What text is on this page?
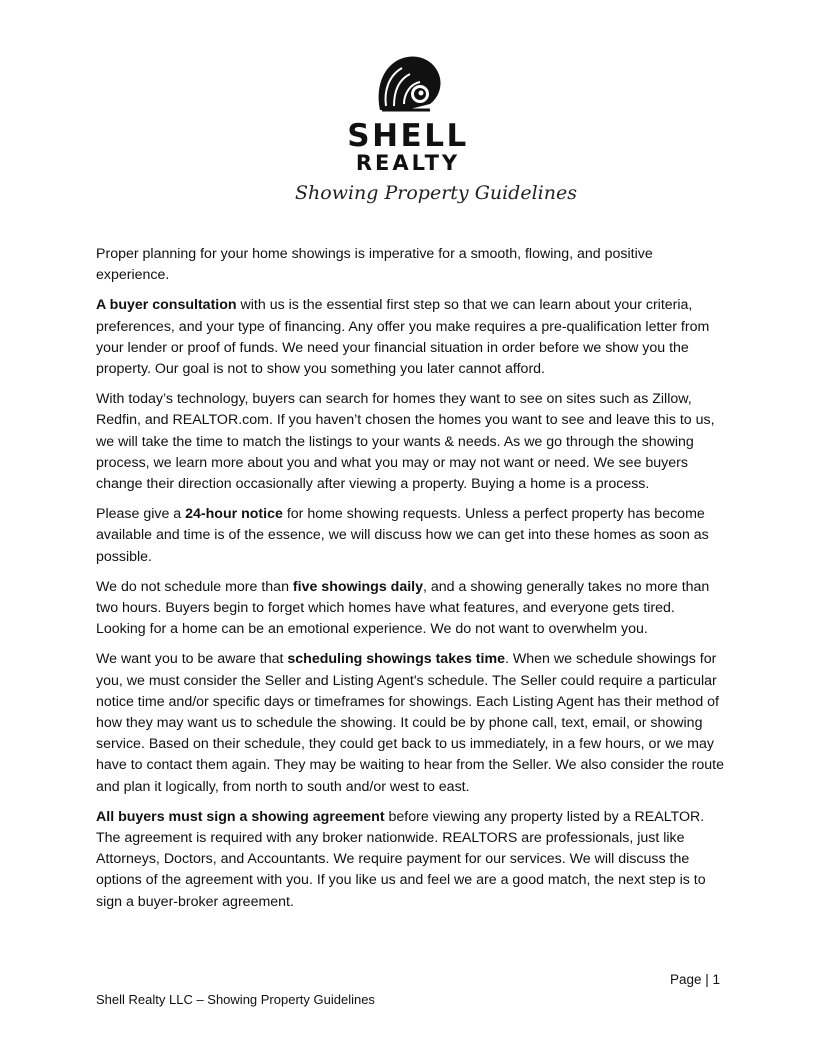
SHELL
REALTY
Showing Property Guidelines

Proper planning for your home showings is imperative for a smooth, flowing, and positive experience.

A buyer consultation with us is the essential first step so that we can learn about your criteria, preferences, and your type of financing. Any offer you make requires a pre-qualification letter from your lender or proof of funds. We need your financial situation in order before we show you the property. Our goal is not to show you something you later cannot afford.

With today’s technology, buyers can search for homes they want to see on sites such as Zillow, Redfin, and REALTOR.com. If you haven’t chosen the homes you want to see and leave this to us, we will take the time to match the listings to your wants & needs. As we go through the showing process, we learn more about you and what you may or may not want or need. We see buyers change their direction occasionally after viewing a property. Buying a home is a process.

Please give a 24-hour notice for home showing requests. Unless a perfect property has become available and time is of the essence, we will discuss how we can get into these homes as soon as possible.

We do not schedule more than five showings daily, and a showing generally takes no more than two hours. Buyers begin to forget which homes have what features, and everyone gets tired. Looking for a home can be an emotional experience. We do not want to overwhelm you.

We want you to be aware that scheduling showings takes time. When we schedule showings for you, we must consider the Seller and Listing Agent's schedule. The Seller could require a particular notice time and/or specific days or timeframes for showings. Each Listing Agent has their method of how they may want us to schedule the showing. It could be by phone call, text, email, or showing service. Based on their schedule, they could get back to us immediately, in a few hours, or we may have to contact them again. They may be waiting to hear from the Seller. We also consider the route and plan it logically, from north to south and/or west to east.

All buyers must sign a showing agreement before viewing any property listed by a REALTOR. The agreement is required with any broker nationwide. REALTORS are professionals, just like Attorneys, Doctors, and Accountants. We require payment for our services. We will discuss the options of the agreement with you. If you like us and feel we are a good match, the next step is to sign a buyer-broker agreement.

Page | 1
Shell Realty LLC – Showing Property Guidelines
